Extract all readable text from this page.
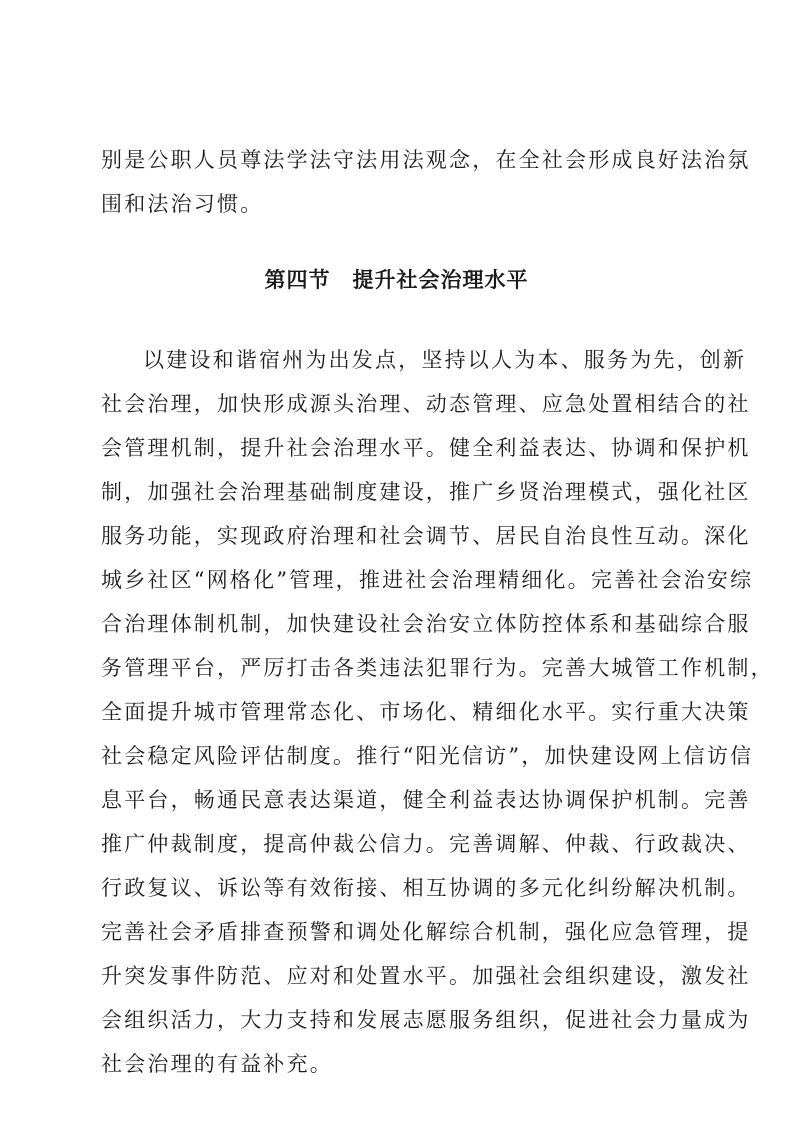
别是公职人员尊法学法守法用法观念，在全社会形成良好法治氛
围和法治习惯。
第四节 提升社会治理水平
以建设和谐宿州为出发点，坚持以人为本、服务为先，创新
社会治理，加快形成源头治理、动态管理、应急处置相结合的社
会管理机制，提升社会治理水平。健全利益表达、协调和保护机
制，加强社会治理基础制度建设，推广乡贤治理模式，强化社区
服务功能，实现政府治理和社会调节、居民自治良性互动。深化
城乡社区“网格化”管理，推进社会治理精细化。完善社会治安综
合治理体制机制，加快建设社会治安立体防控体系和基础综合服
务管理平台，严厉打击各类违法犯罪行为。完善大城管工作机制，
全面提升城市管理常态化、市场化、精细化水平。实行重大决策
社会稳定风险评估制度。推行“阳光信访”，加快建设网上信访信
息平台，畅通民意表达渠道，健全利益表达协调保护机制。完善
推广仲裁制度，提高仲裁公信力。完善调解、仲裁、行政裁决、
行政复议、诉讼等有效衔接、相互协调的多元化纠纷解决机制。
完善社会矛盾排查预警和调处化解综合机制，强化应急管理，提
升突发事件防范、应对和处置水平。加强社会组织建设，激发社
会组织活力，大力支持和发展志愿服务组织，促进社会力量成为
社会治理的有益补充。
